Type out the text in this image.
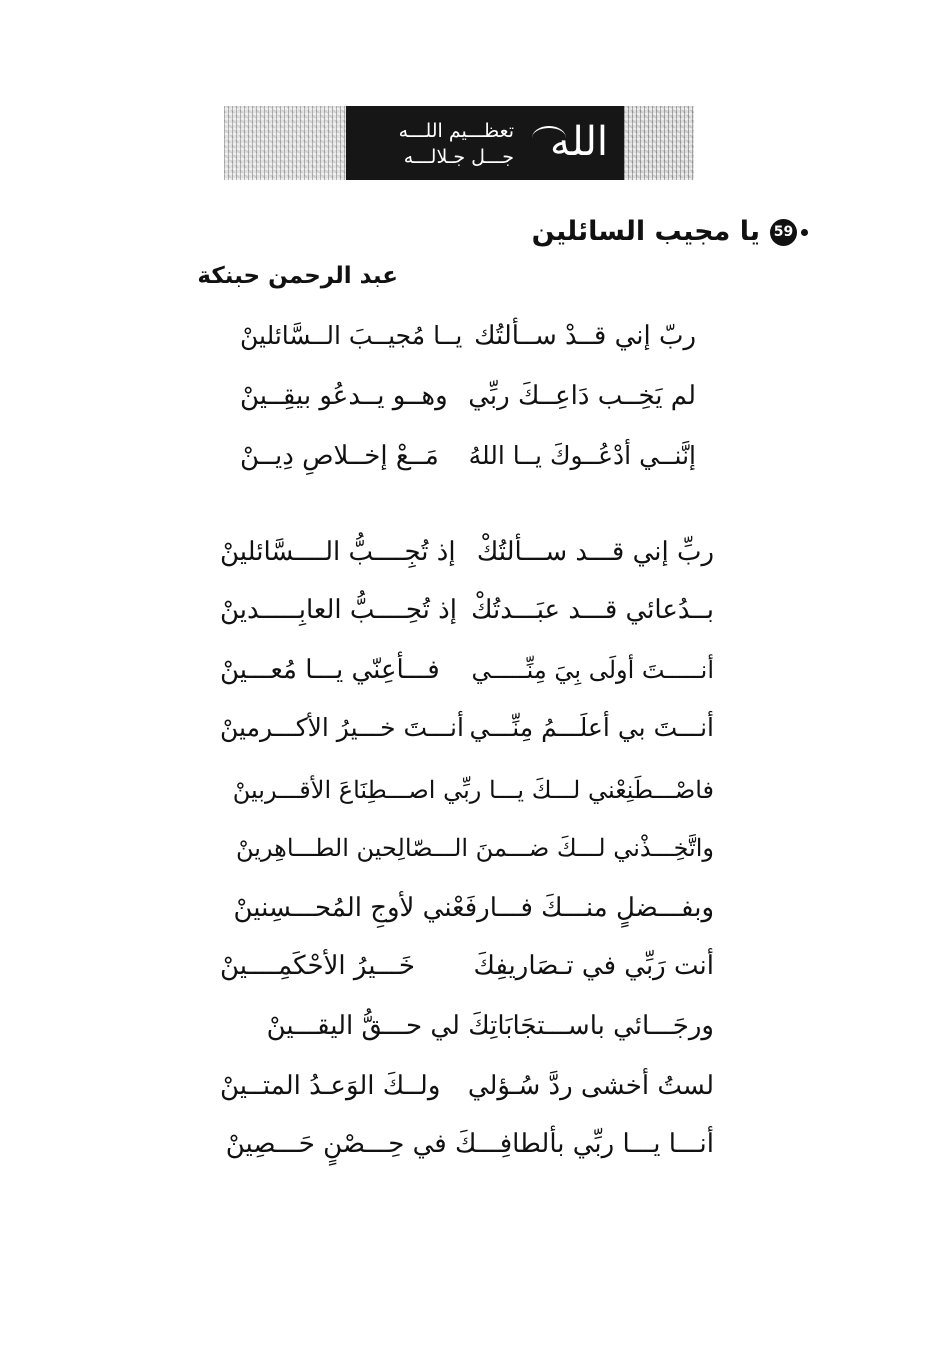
الله
تعظـــيم اللـــه
جـــل جـلالـــه
59
يا مجيب السائلين
عبد الرحمن حبنكة
ربّ إني قــدْ ســألتُك
يــا مُجيــبَ الــسَّائلينْ
لم يَخِــب دَاعِــكَ ربِّي
وهــو يــدعُو بيقِــينْ
إنَّنــي أدْعُــوكَ يــا اللهُ
مَــعْ إخــلاصِ دِيــنْ
ربِّ إني قـــد ســـألتُكْ
إذ تُجِــــبُّ الــــسَّائلينْ
بــدُعائي قـــد عبَـــدتُكْ
إذ تُحِــــبُّ العابِـــــدينْ
أنـــــتَ أولَى بِيَ مِنِّـــــي
فـــأعِنّي يـــا مُعـــينْ
أنـــتَ بي أعلَـــمُ مِنِّـــي
أنـــتَ خـــيرُ الأكـــرمينْ
فاصْـــطَنِعْني لـــكَ يـــا ربِّي اصـــطِنَاعَ الأقـــربينْ
واتَّخِـــذْني لـــكَ ضـــمنَ الـــصّالِحين الطـــاهِرينْ
وبفـــضلٍ منـــكَ فـــارفَعْني لأوجِ المُحـــسِنينْ
أنت رَبِّي في تـصَاريفِكَ
خَـــيرُ الأحْكَمِــــينْ
ورجَـــائي باســـتجَابَاتِكَ لي حـــقُّ اليقـــينْ
لستُ أخشى ردَّ سُـؤلي
ولــكَ الوَعـدُ المتــينْ
أنـــا يـــا ربِّي بألطافِـــكَ في حِـــصْنٍ حَـــصِينْ
